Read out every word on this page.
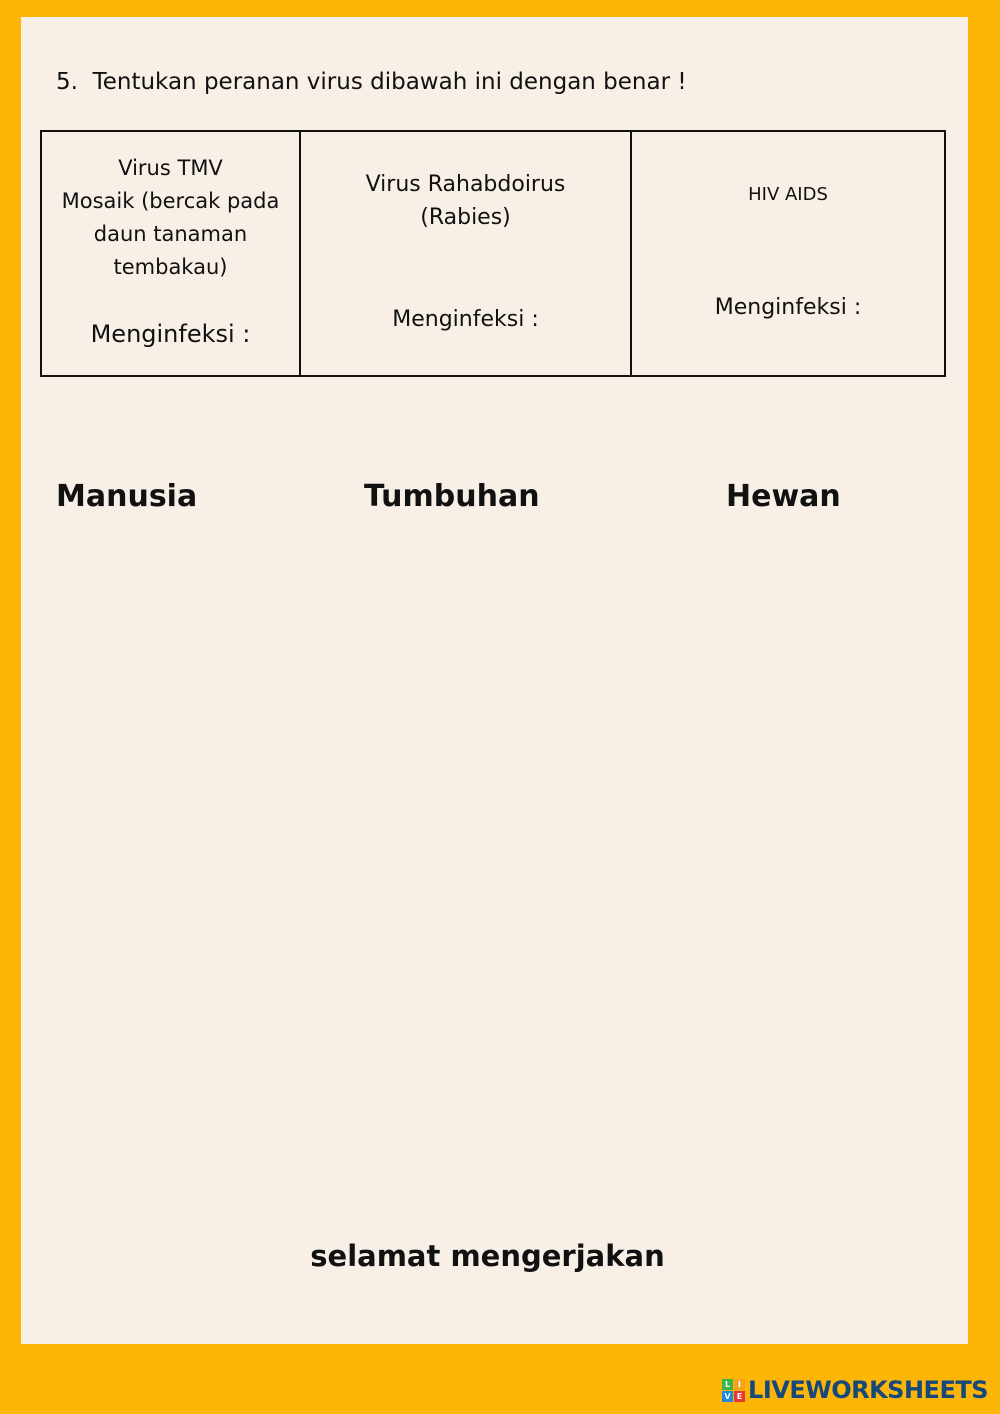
5. Tentukan peranan virus dibawah ini dengan benar !
Virus TMV
Mosaik (bercak pada
daun tanaman
tembakau)
Menginfeksi :

Virus Rahabdoirus
(Rabies)
Menginfeksi :

HIV AIDS
Menginfeksi :
Manusia	Tumbuhan	Hewan
selamat mengerjakan
L I
V E LIVEWORKSHEETS
